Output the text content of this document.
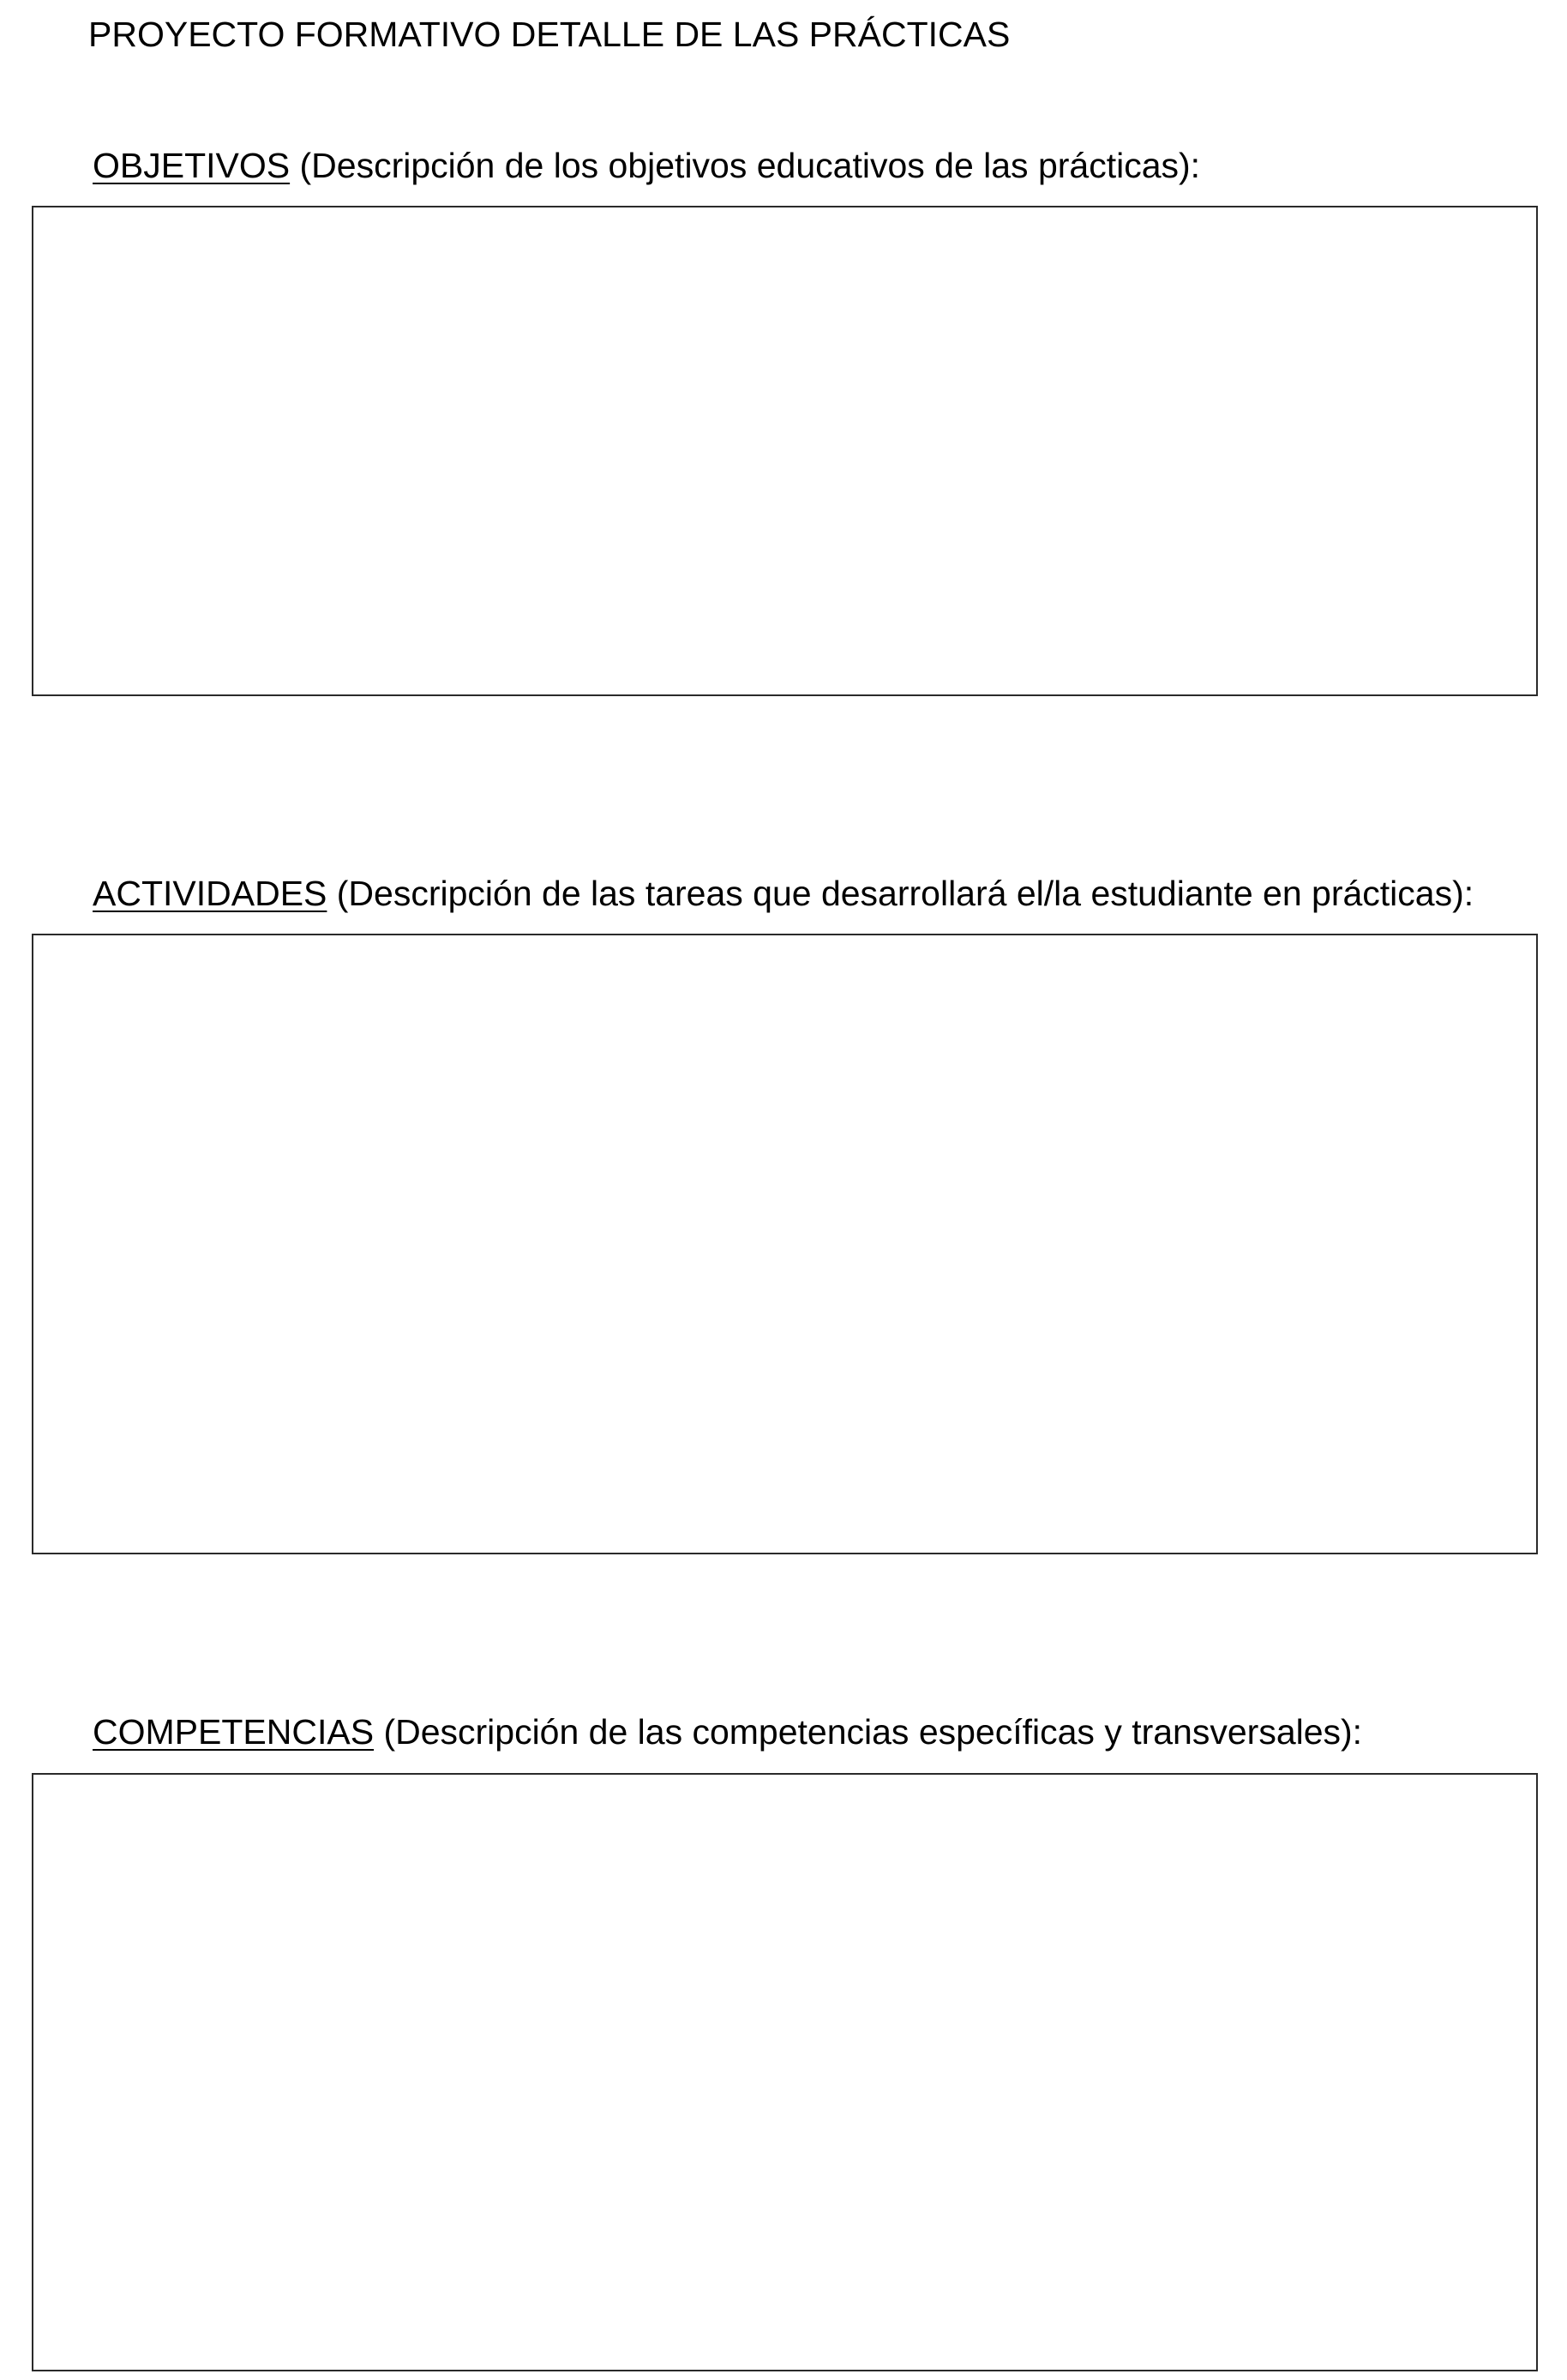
PROYECTO FORMATIVO DETALLE DE LAS PRÁCTICAS
OBJETIVOS (Descripción de los objetivos educativos de las prácticas):
ACTIVIDADES (Descripción de las tareas que desarrollará el/la estudiante en prácticas):
COMPETENCIAS (Descripción de las competencias específicas y transversales):
